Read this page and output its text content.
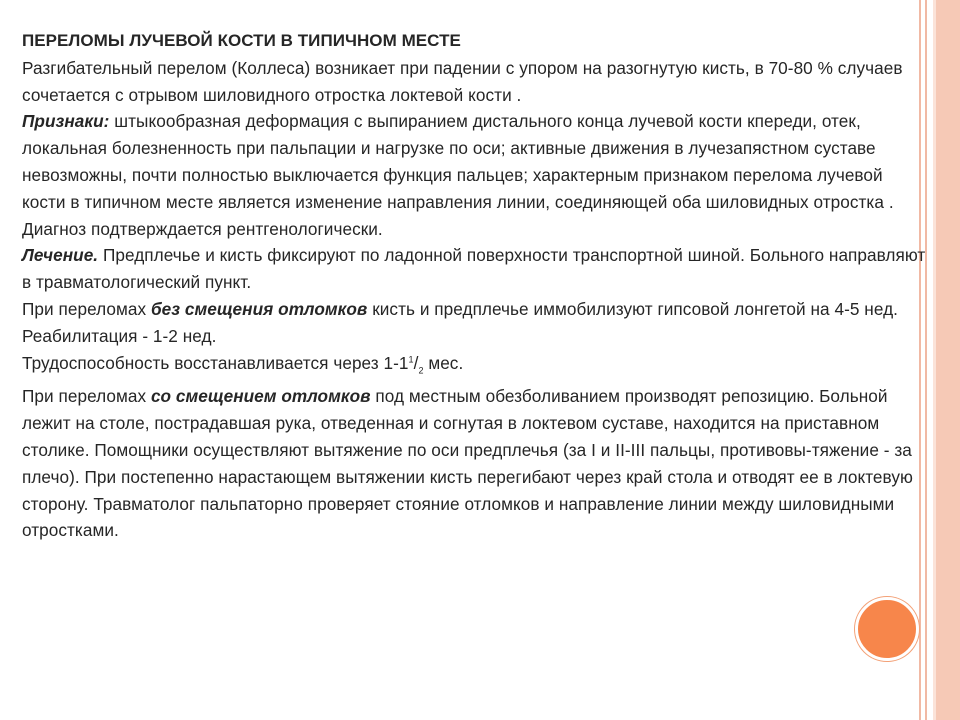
ПЕРЕЛОМЫ ЛУЧЕВОЙ КОСТИ В ТИПИЧНОМ МЕСТЕ

Разгибательный перелом (Коллеса) возникает при падении с упором на разогнутую кисть, в 70-80 % случаев сочетается с отрывом шиловидного отростка локтевой кости .

Признаки: штыкообразная деформация с выпиранием дистального конца лучевой кости кпереди, отек, локальная болезненность при пальпации и нагрузке по оси; активные движения в лучезапястном суставе невозможны, почти полностью выключается функция пальцев; характерным признаком перелома лучевой кости в типичном месте является изменение направления линии, соединяющей оба шиловидных отростка . Диагноз подтверждается рентгенологически.

Лечение. Предплечье и кисть фиксируют по ладонной поверхности транспортной шиной. Больного направляют в травматологический пункт.

При переломах без смещения отломков кисть и предплечье иммобилизуют гипсовой лонгетой на 4-5 нед. Реабилитация - 1-2 нед.

Трудоспособность восстанавливается через $1-1^1/_2$ мес.

При переломах со смещением отломков под местным обезболиванием производят репозицию. Больной лежит на столе, пострадавшая рука, отведенная и согнутая в локтевом суставе, находится на приставном столике. Помощники осуществляют вытяжение по оси предплечья (за I и II-III пальцы, противовы-тяжение - за плечо). При постепенно нарастающем вытяжении кисть перегибают через край стола и отводят ее в локтевую сторону. Травматолог пальпаторно проверяет стояние отломков и направление линии между шиловидными отростками.
